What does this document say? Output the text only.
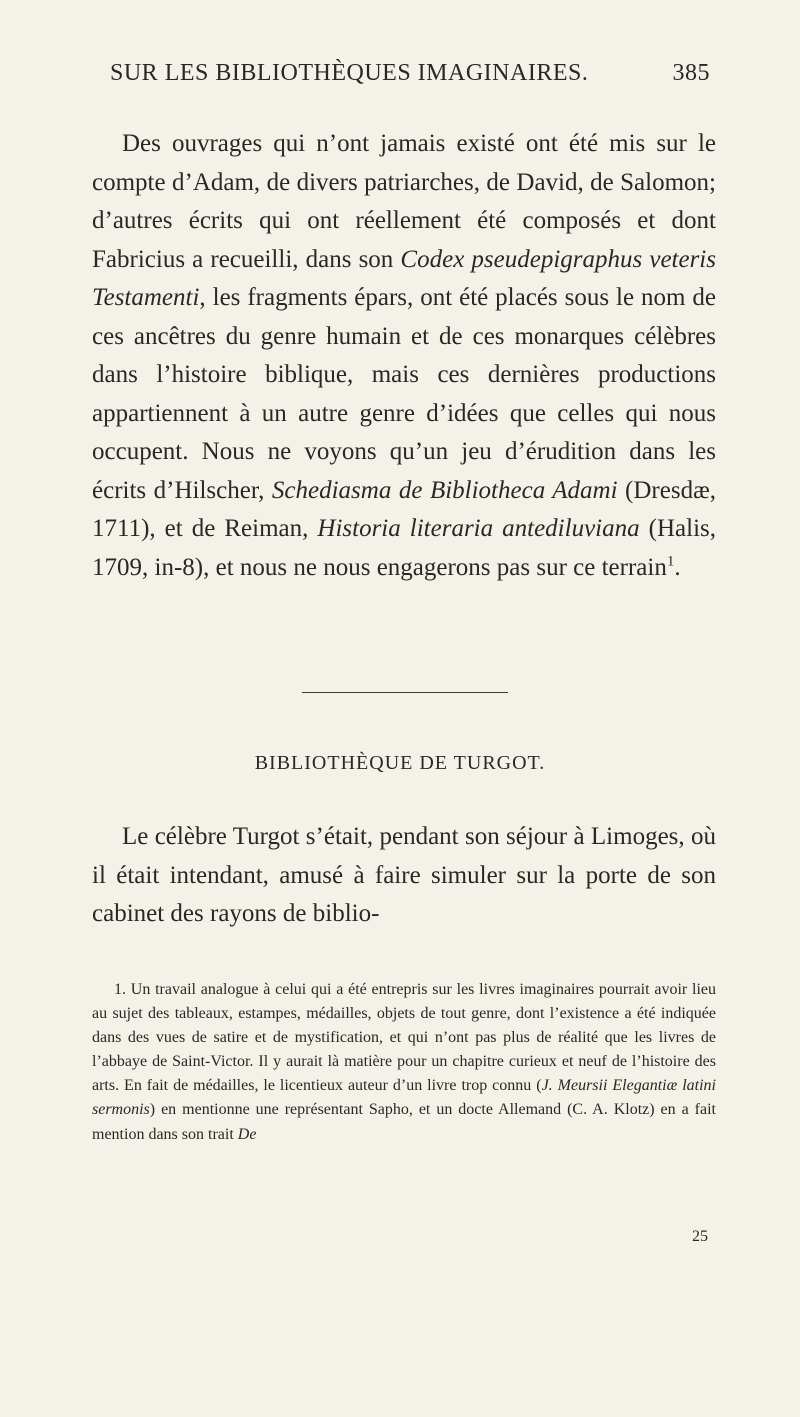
SUR LES BIBLIOTHÈQUES IMAGINAIRES.	385

Des ouvrages qui n’ont jamais existé ont été mis sur le compte d’Adam, de divers patriarches, de David, de Salomon; d’autres écrits qui ont réellement été composés et dont Fabricius a recueilli, dans son Codex pseudepigraphus veteris Testamenti, les fragments épars, ont été placés sous le nom de ces ancêtres du genre humain et de ces monarques célèbres dans l’histoire biblique, mais ces dernières productions appartiennent à un autre genre d’idées que celles qui nous occupent. Nous ne voyons qu’un jeu d’érudition dans les écrits d’Hilscher, Schediasma de Bibliotheca Adami (Dresdæ, 1711), et de Reiman, Historia literaria antediluviana (Halis, 1709, in-8), et nous ne nous engagerons pas sur ce terrain$^1$.

BIBLIOTHÈQUE DE TURGOT.

Le célèbre Turgot s’était, pendant son séjour à Limoges, où il était intendant, amusé à faire simuler sur la porte de son cabinet des rayons de biblio-

1. Un travail analogue à celui qui a été entrepris sur les livres imaginaires pourrait avoir lieu au sujet des tableaux, estampes, médailles, objets de tout genre, dont l’existence a été indiquée dans des vues de satire et de mystification, et qui n’ont pas plus de réalité que les livres de l’abbaye de Saint-Victor. Il y aurait là matière pour un chapitre curieux et neuf de l’histoire des arts. En fait de médailles, le licentieux auteur d’un livre trop connu (J. Meursii Elegantiæ latini sermonis) en mentionne une représentant Sapho, et un docte Allemand (C. A. Klotz) en a fait mention dans son trait De

25
